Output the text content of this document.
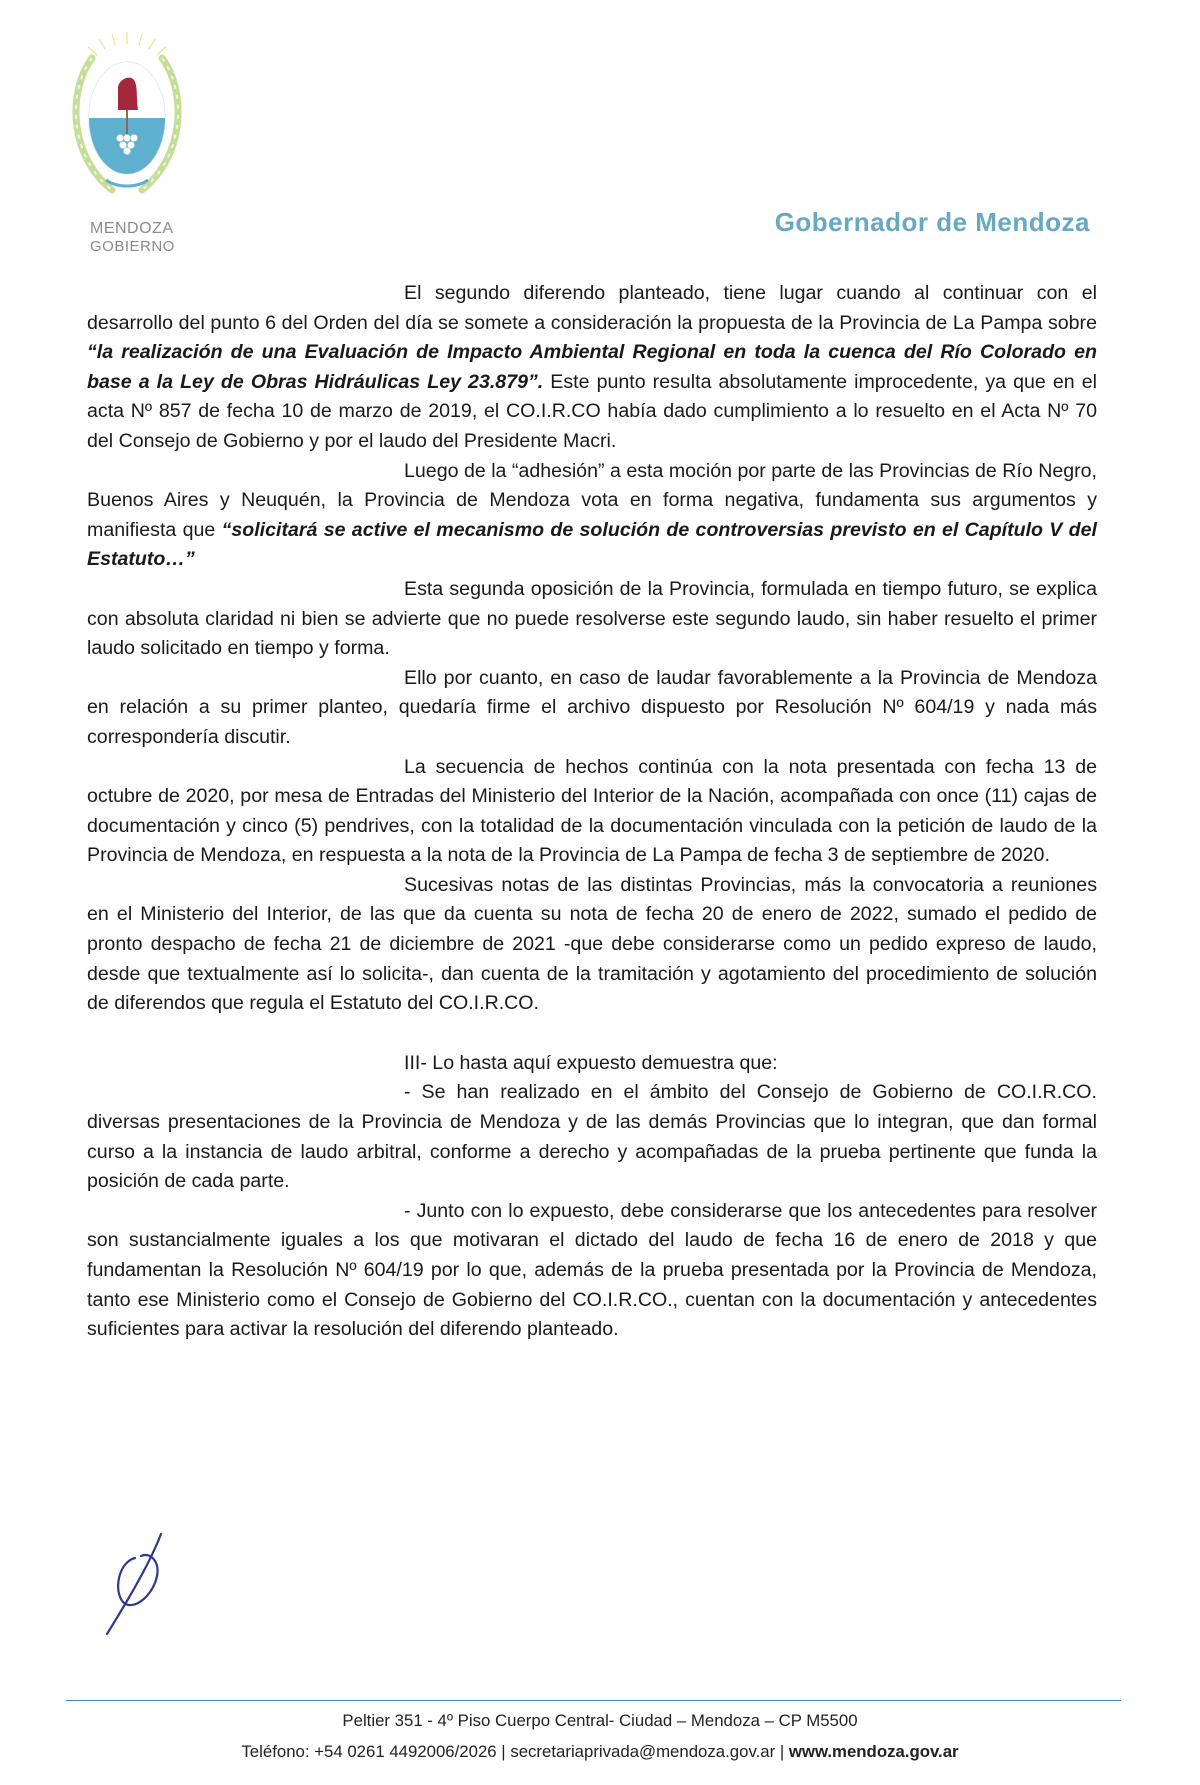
MENDOZA
GOBIERNO
Gobernador de Mendoza

El segundo diferendo planteado, tiene lugar cuando al continuar con el desarrollo del punto 6 del Orden del día se somete a consideración la propuesta de la Provincia de La Pampa sobre “la realización de una Evaluación de Impacto Ambiental Regional en toda la cuenca del Río Colorado en base a la Ley de Obras Hidráulicas Ley 23.879”. Este punto resulta absolutamente improcedente, ya que en el acta Nº 857 de fecha 10 de marzo de 2019, el CO.I.R.CO había dado cumplimiento a lo resuelto en el Acta Nº 70 del Consejo de Gobierno y por el laudo del Presidente Macri.

Luego de la “adhesión” a esta moción por parte de las Provincias de Río Negro, Buenos Aires y Neuquén, la Provincia de Mendoza vota en forma negativa, fundamenta sus argumentos y manifiesta que “solicitará se active el mecanismo de solución de controversias previsto en el Capítulo V del Estatuto…”

Esta segunda oposición de la Provincia, formulada en tiempo futuro, se explica con absoluta claridad ni bien se advierte que no puede resolverse este segundo laudo, sin haber resuelto el primer laudo solicitado en tiempo y forma.

Ello por cuanto, en caso de laudar favorablemente a la Provincia de Mendoza en relación a su primer planteo, quedaría firme el archivo dispuesto por Resolución Nº 604/19 y nada más correspondería discutir.

La secuencia de hechos continúa con la nota presentada con fecha 13 de octubre de 2020, por mesa de Entradas del Ministerio del Interior de la Nación, acompañada con once (11) cajas de documentación y cinco (5) pendrives, con la totalidad de la documentación vinculada con la petición de laudo de la Provincia de Mendoza, en respuesta a la nota de la Provincia de La Pampa de fecha 3 de septiembre de 2020.

Sucesivas notas de las distintas Provincias, más la convocatoria a reuniones en el Ministerio del Interior, de las que da cuenta su nota de fecha 20 de enero de 2022, sumado el pedido de pronto despacho de fecha 21 de diciembre de 2021 -que debe considerarse como un pedido expreso de laudo, desde que textualmente así lo solicita-, dan cuenta de la tramitación y agotamiento del procedimiento de solución de diferendos que regula el Estatuto del CO.I.R.CO.

III- Lo hasta aquí expuesto demuestra que:

- Se han realizado en el ámbito del Consejo de Gobierno de CO.I.R.CO. diversas presentaciones de la Provincia de Mendoza y de las demás Provincias que lo integran, que dan formal curso a la instancia de laudo arbitral, conforme a derecho y acompañadas de la prueba pertinente que funda la posición de cada parte.

- Junto con lo expuesto, debe considerarse que los antecedentes para resolver son sustancialmente iguales a los que motivaran el dictado del laudo de fecha 16 de enero de 2018 y que fundamentan la Resolución Nº 604/19 por lo que, además de la prueba presentada por la Provincia de Mendoza, tanto ese Ministerio como el Consejo de Gobierno del CO.I.R.CO., cuentan con la documentación y antecedentes suficientes para activar la resolución del diferendo planteado.

Peltier 351 - 4º Piso Cuerpo Central- Ciudad – Mendoza – CP M5500
Teléfono: +54 0261 4492006/2026 | secretariaprivada@mendoza.gov.ar | www.mendoza.gov.ar
